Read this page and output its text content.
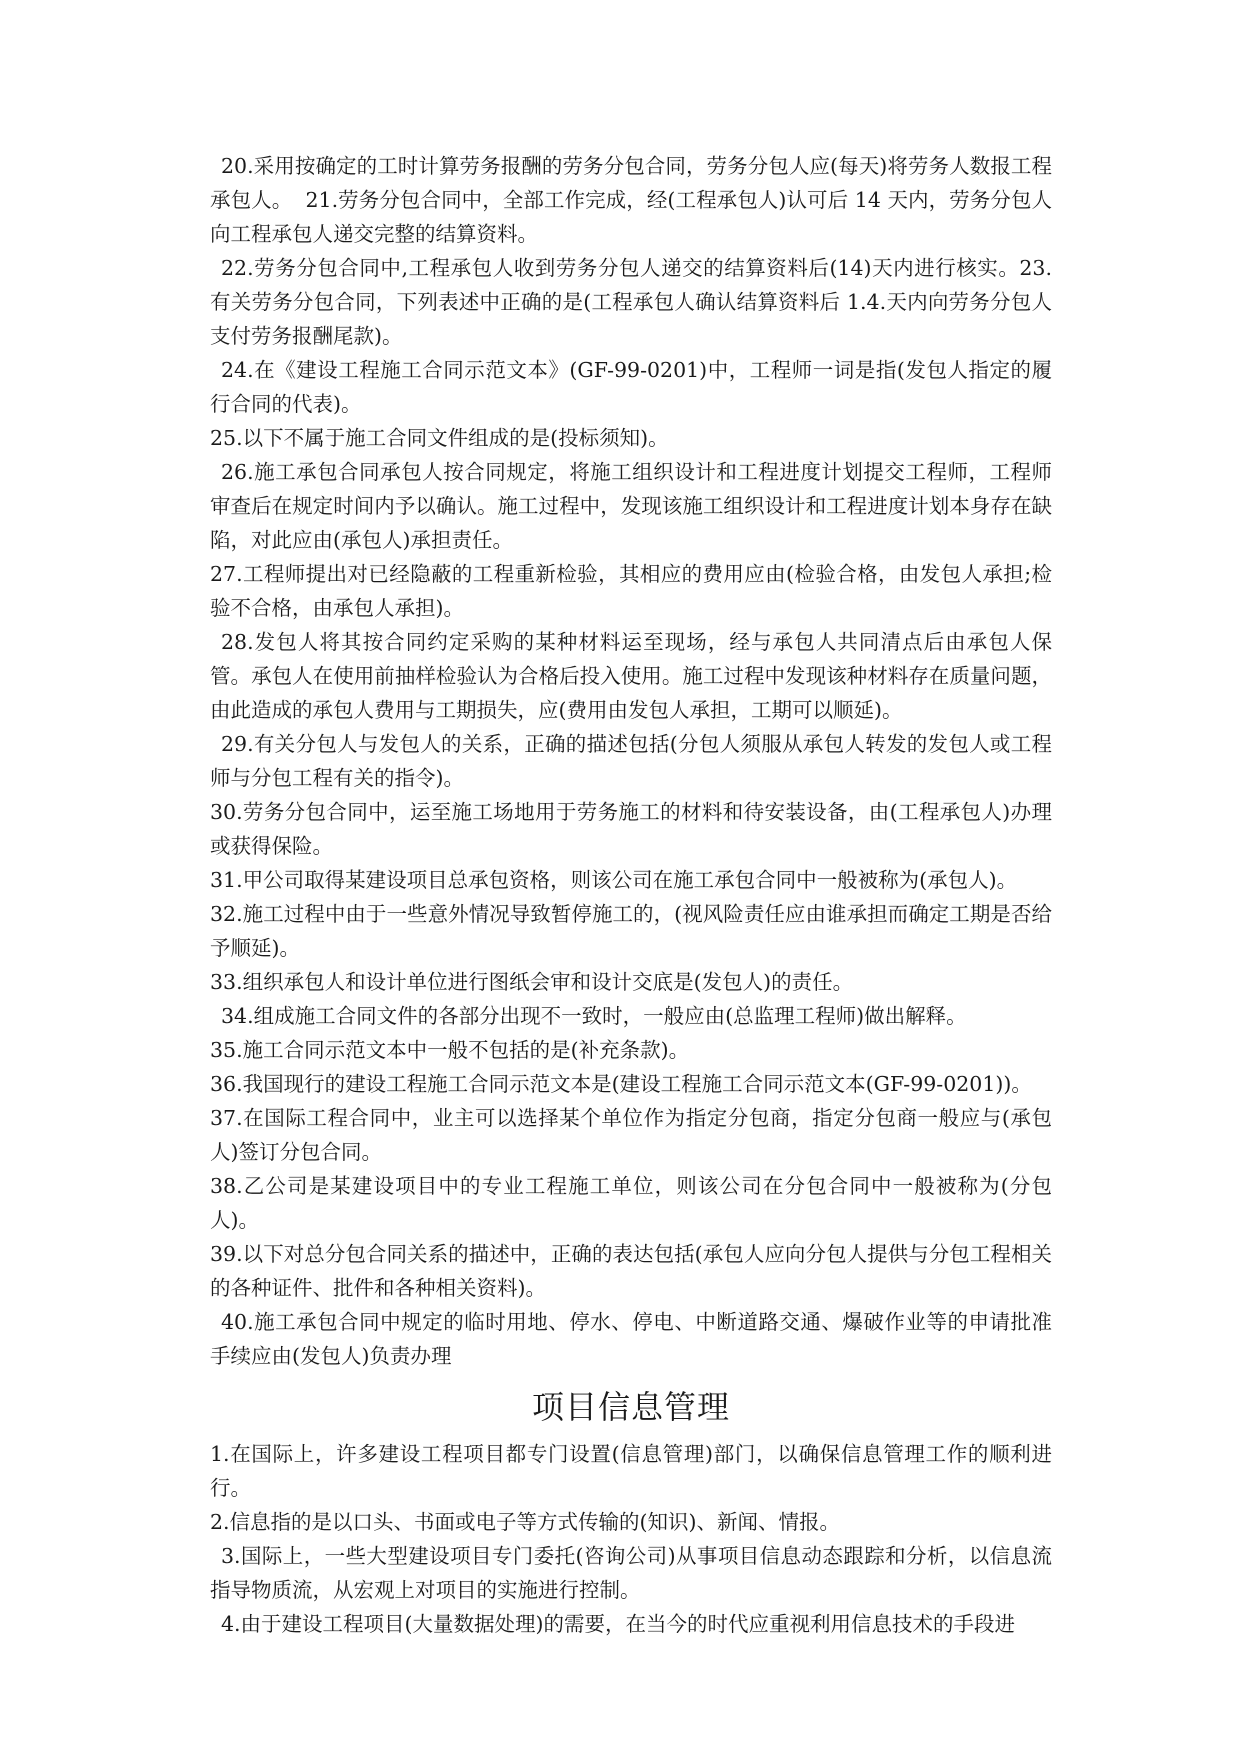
20.采用按确定的工时计算劳务报酬的劳务分包合同，劳务分包人应(每天)将劳务人数报工程承包人。  21.劳务分包合同中，全部工作完成，经(工程承包人)认可后 14 天内，劳务分包人向工程承包人递交完整的结算资料。

22.劳务分包合同中,工程承包人收到劳务分包人递交的结算资料后(14)天内进行核实。23.有关劳务分包合同，下列表述中正确的是(工程承包人确认结算资料后 1.4.天内向劳务分包人支付劳务报酬尾款)。

24.在《建设工程施工合同示范文本》(GF-99-0201)中，工程师一词是指(发包人指定的履行合同的代表)。

25.以下不属于施工合同文件组成的是(投标须知)。

26.施工承包合同承包人按合同规定，将施工组织设计和工程进度计划提交工程师，工程师审查后在规定时间内予以确认。施工过程中，发现该施工组织设计和工程进度计划本身存在缺陷，对此应由(承包人)承担责任。

27.工程师提出对已经隐蔽的工程重新检验，其相应的费用应由(检验合格，由发包人承担;检验不合格，由承包人承担)。

28.发包人将其按合同约定采购的某种材料运至现场，经与承包人共同清点后由承包人保管。承包人在使用前抽样检验认为合格后投入使用。施工过程中发现该种材料存在质量问题，由此造成的承包人费用与工期损失，应(费用由发包人承担，工期可以顺延)。

29.有关分包人与发包人的关系，正确的描述包括(分包人须服从承包人转发的发包人或工程师与分包工程有关的指令)。

30.劳务分包合同中，运至施工场地用于劳务施工的材料和待安装设备，由(工程承包人)办理或获得保险。

31.甲公司取得某建设项目总承包资格，则该公司在施工承包合同中一般被称为(承包人)。

32.施工过程中由于一些意外情况导致暂停施工的，(视风险责任应由谁承担而确定工期是否给予顺延)。

33.组织承包人和设计单位进行图纸会审和设计交底是(发包人)的责任。

34.组成施工合同文件的各部分出现不一致时，一般应由(总监理工程师)做出解释。

35.施工合同示范文本中一般不包括的是(补充条款)。

36.我国现行的建设工程施工合同示范文本是(建设工程施工合同示范文本(GF-99-0201))。

37.在国际工程合同中，业主可以选择某个单位作为指定分包商，指定分包商一般应与(承包人)签订分包合同。

38.乙公司是某建设项目中的专业工程施工单位，则该公司在分包合同中一般被称为(分包人)。

39.以下对总分包合同关系的描述中，正确的表达包括(承包人应向分包人提供与分包工程相关的各种证件、批件和各种相关资料)。

40.施工承包合同中规定的临时用地、停水、停电、中断道路交通、爆破作业等的申请批准手续应由(发包人)负责办理

项目信息管理

1.在国际上，许多建设工程项目都专门设置(信息管理)部门，以确保信息管理工作的顺利进行。

2.信息指的是以口头、书面或电子等方式传输的(知识)、新闻、情报。

3.国际上，一些大型建设项目专门委托(咨询公司)从事项目信息动态跟踪和分析，以信息流指导物质流，从宏观上对项目的实施进行控制。

4.由于建设工程项目(大量数据处理)的需要，在当今的时代应重视利用信息技术的手段进
